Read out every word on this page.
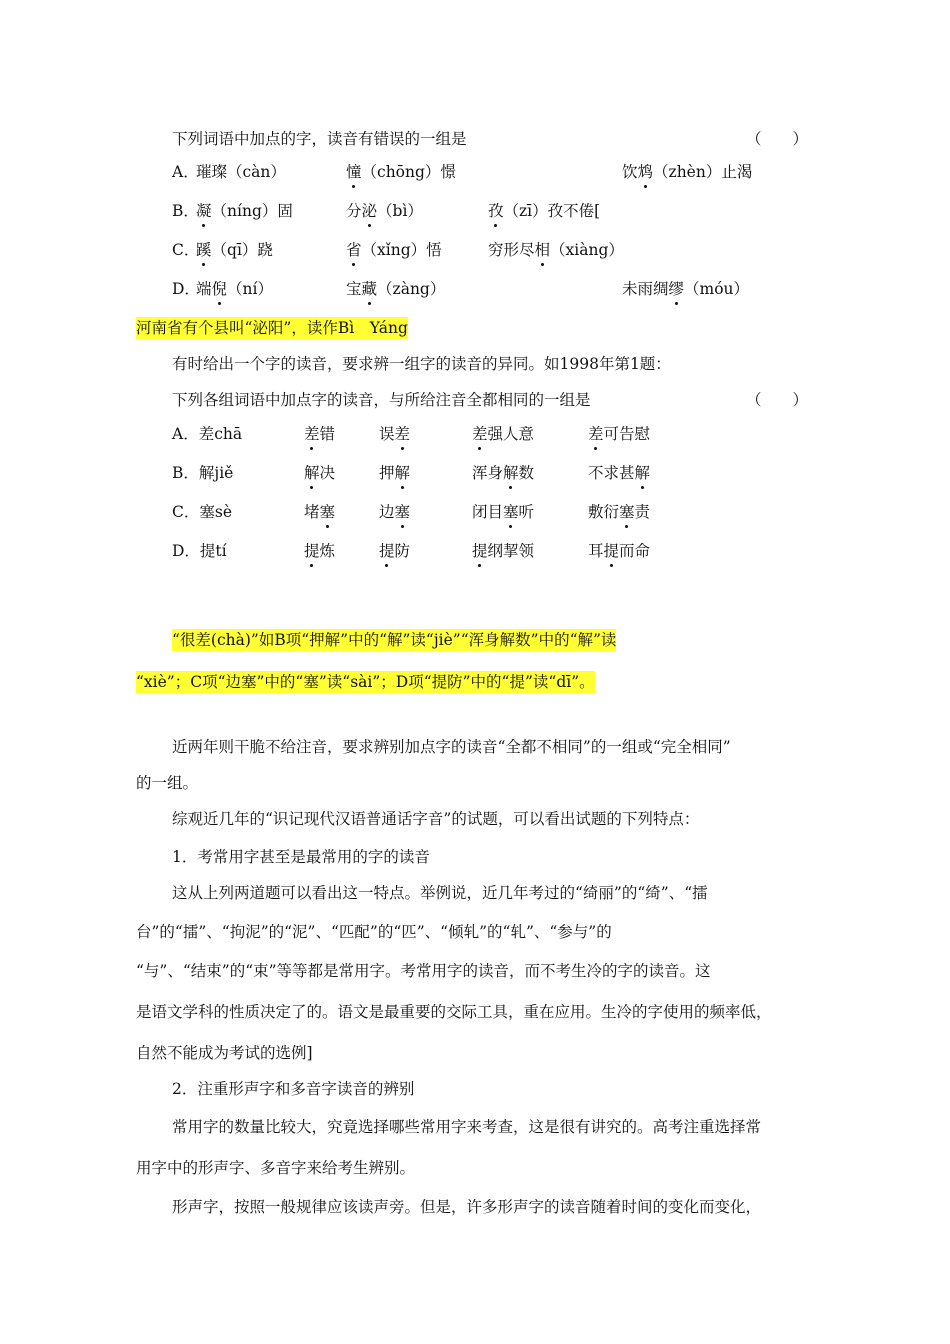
下列词语中加点的字，读音有错误的一组是	（　　）
A．
璀璨（càn）	憧（chōng）憬	饮鸩（zhèn）止渴
B．
凝（níng）固	分泌（bì）	孜（zī）孜不倦[
C．
蹊（qī）跷	省（xǐng）悟	穷形尽相（xiàng）
D．
端倪（ní）	宝藏（zàng）	未雨绸缪（móu）
河南省有个县叫“泌阳”，读作Bì　Yáng
有时给出一个字的读音，要求辨一组字的读音的异同。如1998年第1题：
下列各组词语中加点字的读音，与所给注音全都相同的一组是	（　　）
A．差chā	差错	误差	差强人意	差可告慰
B．解jiě	解决	押解	浑身解数	不求甚解
C．塞sè	堵塞	边塞	闭目塞听	敷衍塞责
D．提tí	提炼	提防	提纲挈领	耳提而命
“很差(chà)”如B项“押解”中的“解”读“jiè”“浑身解数”中的“解”读
“xiè”；C项“边塞”中的“塞”读“sài”；D项“提防”中的“提”读“dī”。
近两年则干脆不给注音，要求辨别加点字的读音“全都不相同”的一组或“完全相同”
的一组。
综观近几年的“识记现代汉语普通话字音”的试题，可以看出试题的下列特点：
1．考常用字甚至是最常用的字的读音
这从上列两道题可以看出这一特点。举例说，近几年考过的“绮丽”的“绮”、“擂
台”的“擂”、“拘泥”的“泥”、“匹配”的“匹”、“倾轧”的“轧”、“参与”的
“与”、“结束”的“束”等等都是常用字。考常用字的读音，而不考生冷的字的读音。这
是语文学科的性质决定了的。语文是最重要的交际工具，重在应用。生冷的字使用的频率低，
自然不能成为考试的选例]
2．注重形声字和多音字读音的辨别
常用字的数量比较大，究竟选择哪些常用字来考查，这是很有讲究的。高考注重选择常
用字中的形声字、多音字来给考生辨别。
形声字，按照一般规律应该读声旁。但是，许多形声字的读音随着时间的变化而变化，
